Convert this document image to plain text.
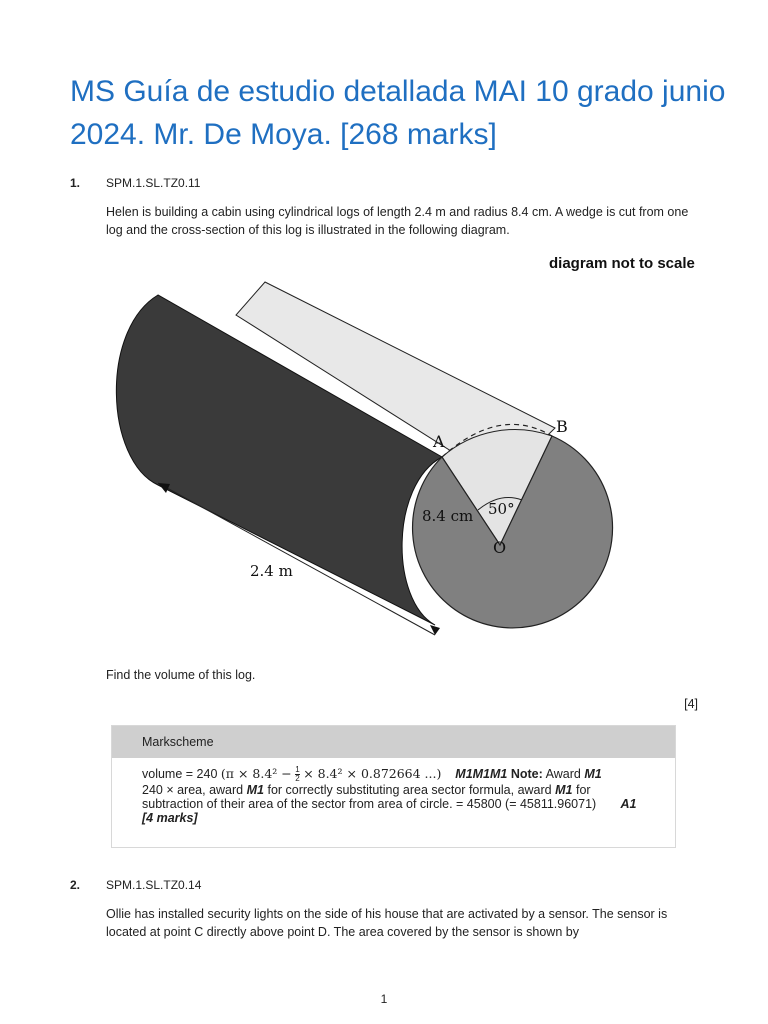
MS Guía de estudio detallada MAI 10 grado junio 2024. Mr. De Moya. [268 marks]
1. SPM.1.SL.TZ0.11
Helen is building a cabin using cylindrical logs of length 2.4 m and radius 8.4 cm. A wedge is cut from one log and the cross-section of this log is illustrated in the following diagram.
diagram not to scale
A
B
O
50°
8.4 cm
2.4 m
Find the volume of this log.
[4]
Markscheme
volume = 240 ($\pi \times 8.4^2 - \frac{1}{2} \times 8.4^2 \times 0.872664$ ...) M1M1M1 Note: Award M1
240 × area, award M1 for correctly substituting area sector formula, award M1 for subtraction of their area of the sector from area of circle. = 45800 (= 45811.96071) A1 [4 marks]
2. SPM.1.SL.TZ0.14
Ollie has installed security lights on the side of his house that are activated by a sensor. The sensor is located at point C directly above point D. The area covered by the sensor is shown by
1
